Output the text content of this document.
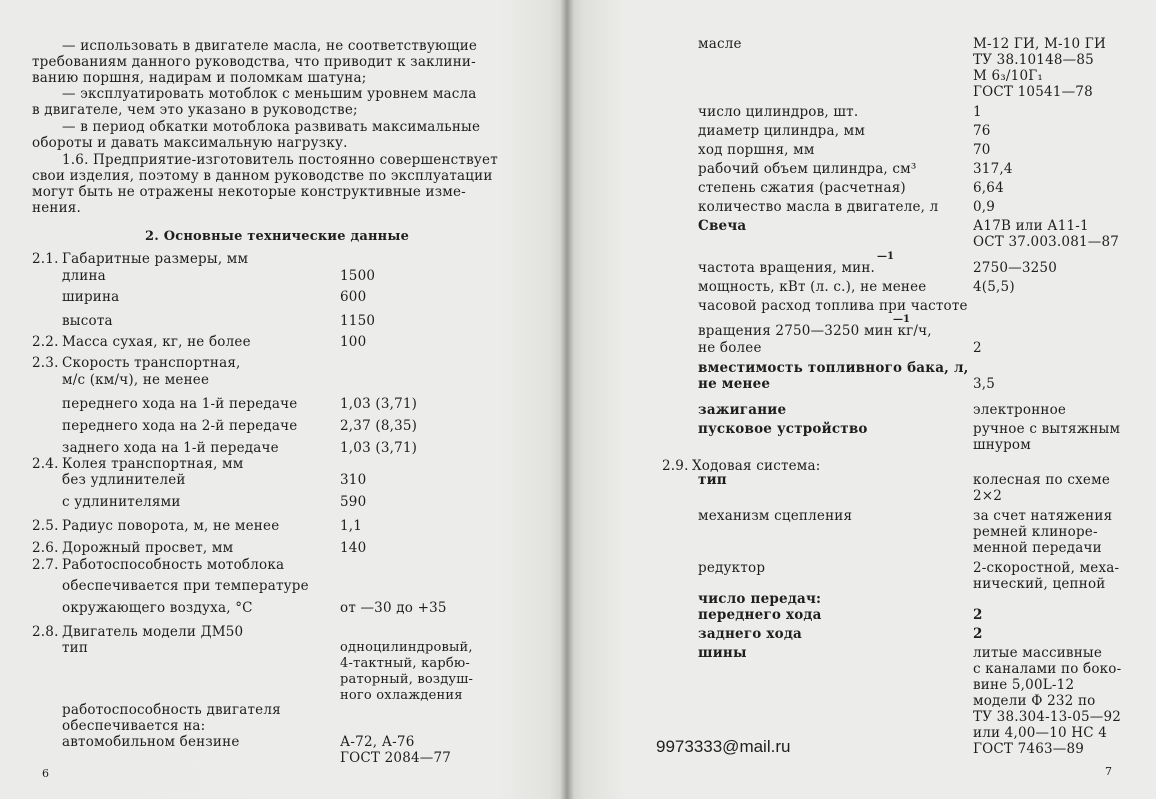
— использовать в двигателе масла, не соответствующие
требованиям данного руководства, что приводит к заклини-
ванию поршня, надирам и поломкам шатуна;
— эксплуатировать мотоблок с меньшим уровнем масла
в двигателе, чем это указано в руководстве;
— в период обкатки мотоблока развивать максимальные
обороты и давать максимальную нагрузку.
1.6. Предприятие-изготовитель постоянно совершенствует
свои изделия, поэтому в данном руководстве по эксплуатации
могут быть не отражены некоторые конструктивные изме-
нения.
2. Основные технические данные
2.1. Габаритные размеры, мм
длина	1500
ширина	600
высота	1150
2.2. Масса сухая, кг, не более	100
2.3. Скорость транспортная,
м/с (км/ч), не менее
переднего хода на 1-й передаче	1,03 (3,71)
переднего хода на 2-й передаче	2,37 (8,35)
заднего хода на 1-й передаче	1,03 (3,71)
2.4. Колея транспортная, мм
без удлинителей	310
с удлинителями	590
2.5. Радиус поворота, м, не менее	1,1
2.6. Дорожный просвет, мм	140
2.7. Работоспособность мотоблока
обеспечивается при температуре
окружающего воздуха, °С	от —30 до +35
2.8. Двигатель модели ДМ50
тип	одноцилиндровый,
4-тактный, карбю-
раторный, воздуш-
ного охлаждения
работоспособность двигателя
обеспечивается на:
автомобильном бензине	А-72, А-76
ГОСТ 2084—77
6
масле	М-12 ГИ, М-10 ГИ
ТУ 38.10148—85
М 6₃/10Г₁
ГОСТ 10541—78
число цилиндров, шт.	1
диаметр цилиндра, мм	76
ход поршня, мм	70
рабочий объем цилиндра, см³	317,4
степень сжатия (расчетная)	6,64
количество масла в двигателе, л	0,9
Свеча	А17В или А11-1
ОСТ 37.003.081—87
—1
частота вращения, мин.	2750—3250
мощность, кВт (л. с.), не менее	4(5,5)
часовой расход топлива при частоте
—1
вращения 2750—3250 мин кг/ч,
не более	2
вместимость топливного бака, л,
не менее	3,5
зажигание	электронное
пусковое устройство	ручное с вытяжным
шнуром
2.9. Ходовая система:
тип	колесная по схеме
2×2
механизм сцепления	за счет натяжения
ремней клиноре-
менной передачи
редуктор	2-скоростной, меха-
нический, цепной
число передач:
переднего хода	2
заднего хода	2
шины	литые массивные
с каналами по боко-
вине 5,00L-12
модели Ф 232 по
ТУ 38.304-13-05—92
или 4,00—10 НС 4
ГОСТ 7463—89
9973333@mail.ru
7
